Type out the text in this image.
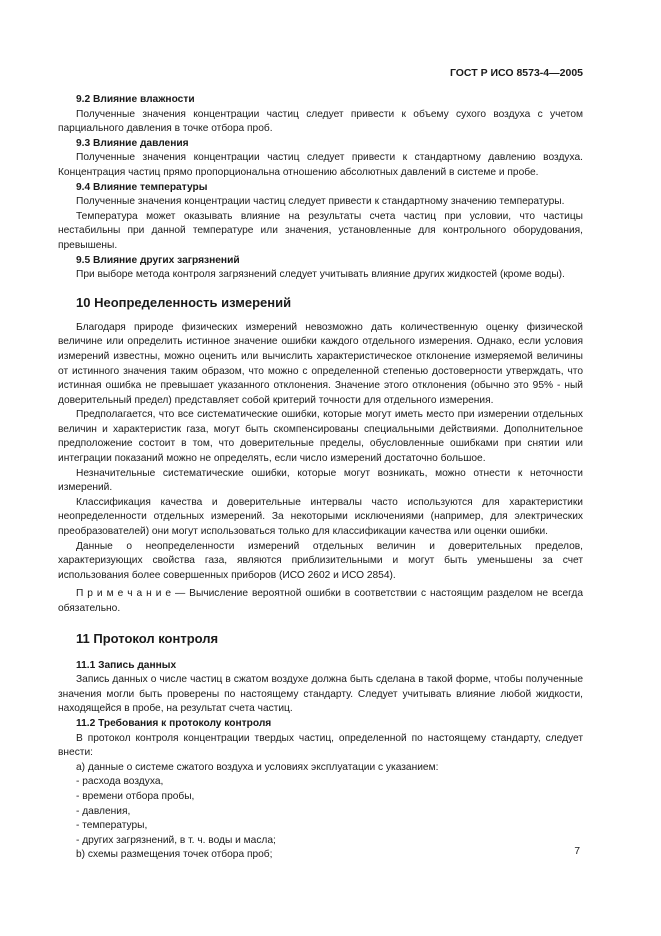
ГОСТ Р ИСО 8573-4—2005
9.2 Влияние влажности

Полученные значения концентрации частиц следует привести к объему сухого воздуха с учетом парциального давления в точке отбора проб.

9.3 Влияние давления

Полученные значения концентрации частиц следует привести к стандартному давлению воздуха. Концентрация частиц прямо пропорциональна отношению абсолютных давлений в системе и пробе.

9.4 Влияние температуры

Полученные значения концентрации частиц следует привести к стандартному значению температуры.

Температура может оказывать влияние на результаты счета частиц при условии, что частицы нестабильны при данной температуре или значения, установленные для контрольного оборудования, превышены.

9.5 Влияние других загрязнений

При выборе метода контроля загрязнений следует учитывать влияние других жидкостей (кроме воды).

10 Неопределенность измерений

Благодаря природе физических измерений невозможно дать количественную оценку физической величине или определить истинное значение ошибки каждого отдельного измерения. Однако, если условия измерений известны, можно оценить или вычислить характеристическое отклонение измеряемой величины от истинного значения таким образом, что можно с определенной степенью достоверности утверждать, что истинная ошибка не превышает указанного отклонения. Значение этого отклонения (обычно это 95% - ный доверительный предел) представляет собой критерий точности для отдельного измерения.

Предполагается, что все систематические ошибки, которые могут иметь место при измерении отдельных величин и характеристик газа, могут быть скомпенсированы специальными действиями. Дополнительное предположение состоит в том, что доверительные пределы, обусловленные ошибками при снятии или интеграции показаний можно не определять, если число измерений достаточно большое.

Незначительные систематические ошибки, которые могут возникать, можно отнести к неточности измерений.

Классификация качества и доверительные интервалы часто используются для характеристики неопределенности отдельных измерений. За некоторыми исключениями (например, для электрических преобразователей) они могут использоваться только для классификации качества или оценки ошибки.

Данные о неопределенности измерений отдельных величин и доверительных пределов, характеризующих свойства газа, являются приблизительными и могут быть уменьшены за счет использования более совершенных приборов (ИСО 2602 и ИСО 2854).

П р и м е ч а н и е — Вычисление вероятной ошибки в соответствии с настоящим разделом не всегда обязательно.

11 Протокол контроля
11.1 Запись данных

Запись данных о числе частиц в сжатом воздухе должна быть сделана в такой форме, чтобы полученные значения могли быть проверены по настоящему стандарту. Следует учитывать влияние любой жидкости, находящейся в пробе, на результат счета частиц.

11.2 Требования к протоколу контроля

В протокол контроля концентрации твердых частиц, определенной по настоящему стандарту, следует внести:

a) данные о системе сжатого воздуха и условиях эксплуатации с указанием:
- расхода воздуха,
- времени отбора пробы,
- давления,
- температуры,
- других загрязнений, в т. ч. воды и масла;
b) схемы размещения точек отбора проб;	7
